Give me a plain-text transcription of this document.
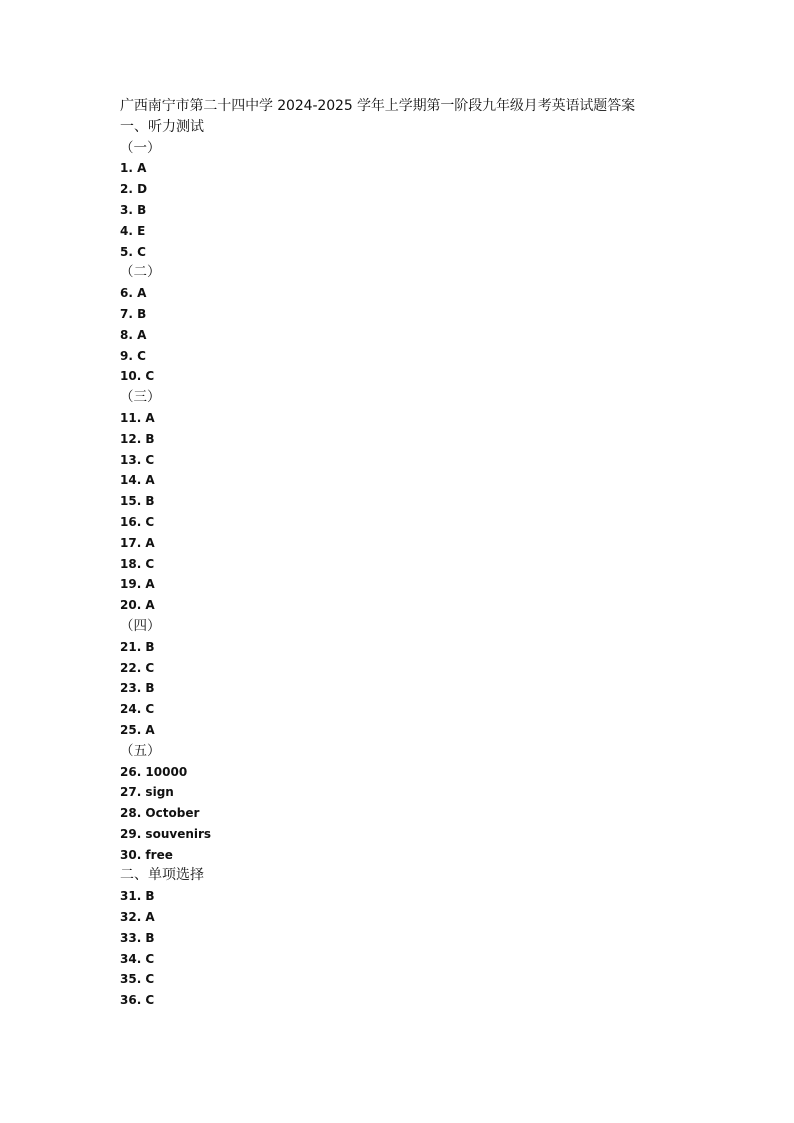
广西南宁市第二十四中学 2024-2025 学年上学期第一阶段九年级月考英语试题答案
一、听力测试
（一）
1. A
2. D
3. B
4. E
5. C
（二）
6. A
7. B
8. A
9. C
10. C
（三）
11. A
12. B
13. C
14. A
15. B
16. C
17. A
18. C
19. A
20. A
（四）
21. B
22. C
23. B
24. C
25. A
（五）
26. 10000
27. sign
28. October
29. souvenirs
30. free
二、单项选择
31. B
32. A
33. B
34. C
35. C
36. C
